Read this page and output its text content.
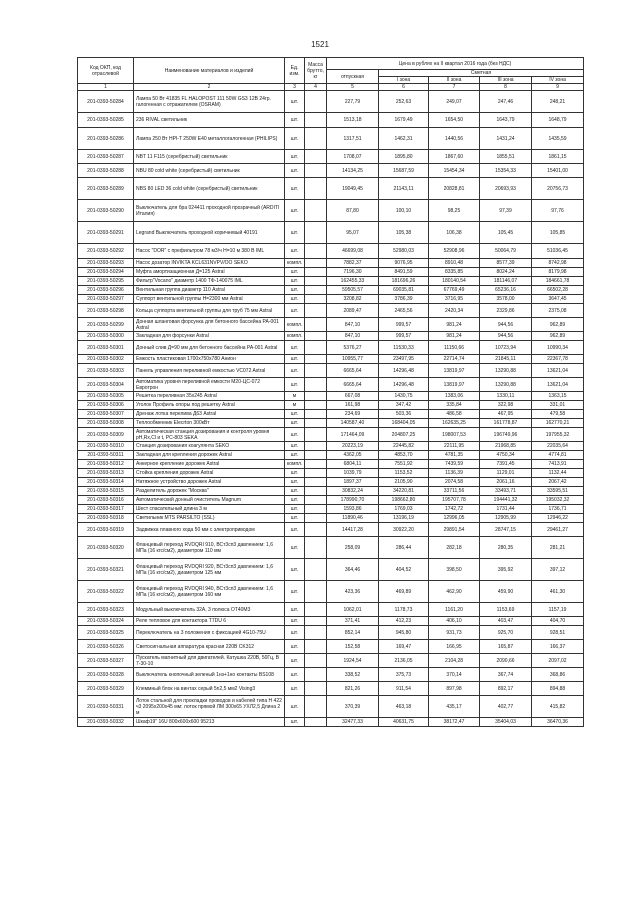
1521
Код ОКП, код отраслевой	Наименование материалов и изделий	Ед. изм.	Масса брутто, кг	Цена в рублях на II квартал 2016 года (без НДС)				
				отпускная	Сметная			
					I зона	II зона	III зона	IV зона
1	2	3	4	5	6	7	8	9
201-0393-50284	Лампа 50 Вт 41835 FL HALOPOST 111 50W GS3 12В 24гр. галогенная с отражателем (OSRAM)	шт.		227,79	252,63	249,07	247,46	248,21
201-0393-50285	236 RIVAL светильник	шт.		1513,18	1679,49	1654,50	1643,79	1648,79
201-0393-50286	Лампа 250 Вт HPI-T 250W E40 металлогалогенная (PHILIPS)	шт.		1317,51	1462,31	1440,56	1431,24	1435,59
201-0393-50287	NBT 11 F115 (серебристый) светильник	шт.		1708,07	1895,80	1867,60	1855,51	1861,15
201-0393-50288	NBU 80 cold white (серебристый) светильник	шт.		14134,25	15687,59	15454,34	15354,33	15401,00
201-0393-50289	NBS 80 LED 36 cold white (серебристый) светильник	шт.		19049,45	21143,11	20828,81	20693,93	20756,73
201-0393-50290	Выключатель для бра 024411 проходной прозрачный (ARDITI Италия)	шт.		87,80	100,10	98,25	97,39	97,76
201-0393-50291	Legrand Выключатель проходной коричневый 40191	шт.		95,07	105,38	106,38	105,45	105,85
201-0393-50292	Насос "DOR" с префильтром 78 м3/ч Н=10 м 380 В IML	шт.		46699,08	52980,03	52908,96	50064,79	51036,45
201-0393-50293	Насос дозатор INVIKTA KCL631NVPV/OO SEKO	компл.		7882,37	9076,95	8910,48	8577,39	8742,98
201-0393-50294	Муфта амортизационная Д=125 Astral	шт.		7196,30	8491,59	8335,85	8024,24	8179,98
201-0393-50295	Фильтр"Vocano" диаметр 1400 ТФ-140075 IML	шт.		162455,33	181696,26	180140,54	181146,07	184661,78
201-0393-50296	Вентильная группа диаметр 110 Astral	шт.		59505,57	69035,81	67769,49	65236,16	66502,28
201-0393-50297	Суппорт вентильной группы Н=2300 мм Astral	шт.		3208,82	3786,39	3716,95	3578,00	3647,45
201-0393-50298	Кольца суппорта вентильной группы для труб 75 мм Astral	шт.		2089,47	2465,56	2420,34	2329,86	2375,08
201-0393-50299	Донная шланговая форсунка для бетонного бассейна РА-001 Astral	компл.		847,10	999,57	981,24	944,56	962,89
201-0393-50300	Закладная для форсунки Astral	компл.		847,10	999,57	981,24	944,56	962,89
201-0393-50301	Донный слив Д=90 мм для бетонного бассейна РА-001 Astral	шт.		5376,27	11530,33	11150,66	10723,94	10990,34
201-0393-50302	Емкость пластиковая 1700х750х780 Анион	шт.		10955,77	23497,95	22714,74	21845,11	22367,78
201-0393-50303	Панель управления переливной емкостью VC072 Astral	шт.		6665,64	14296,48	13819,97	13290,88	13621,04
201-0393-50304	Автоматика уровня переливной емкости М20-ЦС-072 Евротрон	шт.		6665,64	14296,48	13819,97	13290,88	13621,04
201-0393-50305	Решетка переливная 35х245 Astral	м		667,08	1430,75	1383,06	1330,11	1363,15
201-0393-50306	Уголок Профиль опоры под решетку Astral	м		161,98	347,42	335,84	322,98	331,01
201-0393-50307	Дренаж лотка перелива Д63 Astral	шт.		234,69	503,36	486,58	467,95	479,58
201-0393-50308	Теплообменник Elecrton 300кВт	шт.		140587,40	168404,05	162635,25	161778,87	162770,21
201-0393-50309	Автоматическая станция дозирования и контроля уровня pH,Rx,Cl и t, PC-803 SEKA	шт.		171464,09	204807,25	198007,53	196749,96	197955,32
201-0393-50310	Станция дозирования коагулянта SEKO	шт.		20223,19	22445,82	22111,95	21968,85	22035,64
201-0393-50311	Закладная для крепления дорожек Astral	шт.		4362,05	4853,70	4781,35	4750,34	4774,81
201-0393-50312	Анкерное крепление дорожек Astral	компл.		6804,11	7551,92	7439,59	7391,45	7413,91
201-0393-50313	Стойка крепления дорожек Astral	шт.		1039,79	1153,52	1136,39	1129,01	1132,44
201-0393-50314	Натяжное устройство дорожек Astral	шт.		1897,37	2105,90	2074,58	2061,16	2067,42
201-0393-50315	Разделитель дорожек "Москва"	шт.		30832,24	34220,81	33711,56	33493,71	33595,51
201-0393-50316	Автоматический донный очиститель Magnum	шт.		178990,70	198662,80	195707,78	194441,32	195032,32
201-0393-50317	Шест спасательный длина 3 м	шт.		1593,86	1769,03	1742,72	1731,44	1736,71
201-0393-50318	Светильник MTS PARSILTO (SSL)	шт.		11890,46	13196,19	12996,05	12905,99	12946,22
201-0393-50319	Задвижка плавного хода 50 мм с электроприводом	шт.		14417,28	30922,20	29891,54	28747,15	29461,27
201-0393-50320	Фланцевый переход RVDQRI 910, ВСт3сп3 давлением: 1,6 МПа (16 кгс/см2), диаметром 110 мм	шт.		258,09	286,44	282,18	280,35	281,21
201-0393-50321	Фланцевый переход RVDQRI 920, ВСт3сп3 давлением: 1,6 МПа (16 кгс/см2), диаметром 125 мм	шт.		364,46	404,52	398,50	395,92	397,12
201-0393-50322	Фланцевый переход RVDQRI 940, ВСт3сп3 давлением: 1,6 МПа (16 кгс/см2), диаметром 160 мм	шт.		423,36	469,89	462,90	459,90	461,30
201-0393-50323	Модульный выключатель 32А, 3 полюса ОТ40М3	шт.		1062,01	1178,73	1161,20	1153,69	1157,19
201-0393-50324	Реле тепловое для контактора Т7DU 6	шт.		371,41	412,23	406,10	403,47	404,70
201-0393-50325	Переключатель на 3 положения с фиксацией 4G10-75U	шт.		852,14	945,80	931,73	925,70	928,51
201-0393-50326	Светосигнальная аппаратура красная 220В CK312	шт.		152,58	169,47	166,95	165,87	166,37
201-0393-50327	Пускатель магнитный для двигателей. Катушка 220В, 50Гц, В 7-30-10	шт.		1924,54	2136,05	2104,28	2090,66	2097,02
201-0393-50328	Выключатель кнопочный зеленый 1нз+1но контакты BS108	шт.		338,52	375,73	370,14	367,74	368,86
201-0393-50329	Клеммный блок на винтах серый 5n2,5 мм2 Vising3	шт.		821,26	911,54	897,98	892,17	894,88
201-0393-50331	Лоток стальной для прокладки проводов и кабелей типа Н 422 ч3 2095х200х45 мм: лоток прямой ЛМ 300х65 УХЛ2,5 Длина 2 м	шт.		370,39	463,18	435,17	402,77	415,82
201-0393-50332	Шкаф19" 16U 800х600х600 95213	шт.		32477,33	40631,75	38172,47	35404,03	36470,36
